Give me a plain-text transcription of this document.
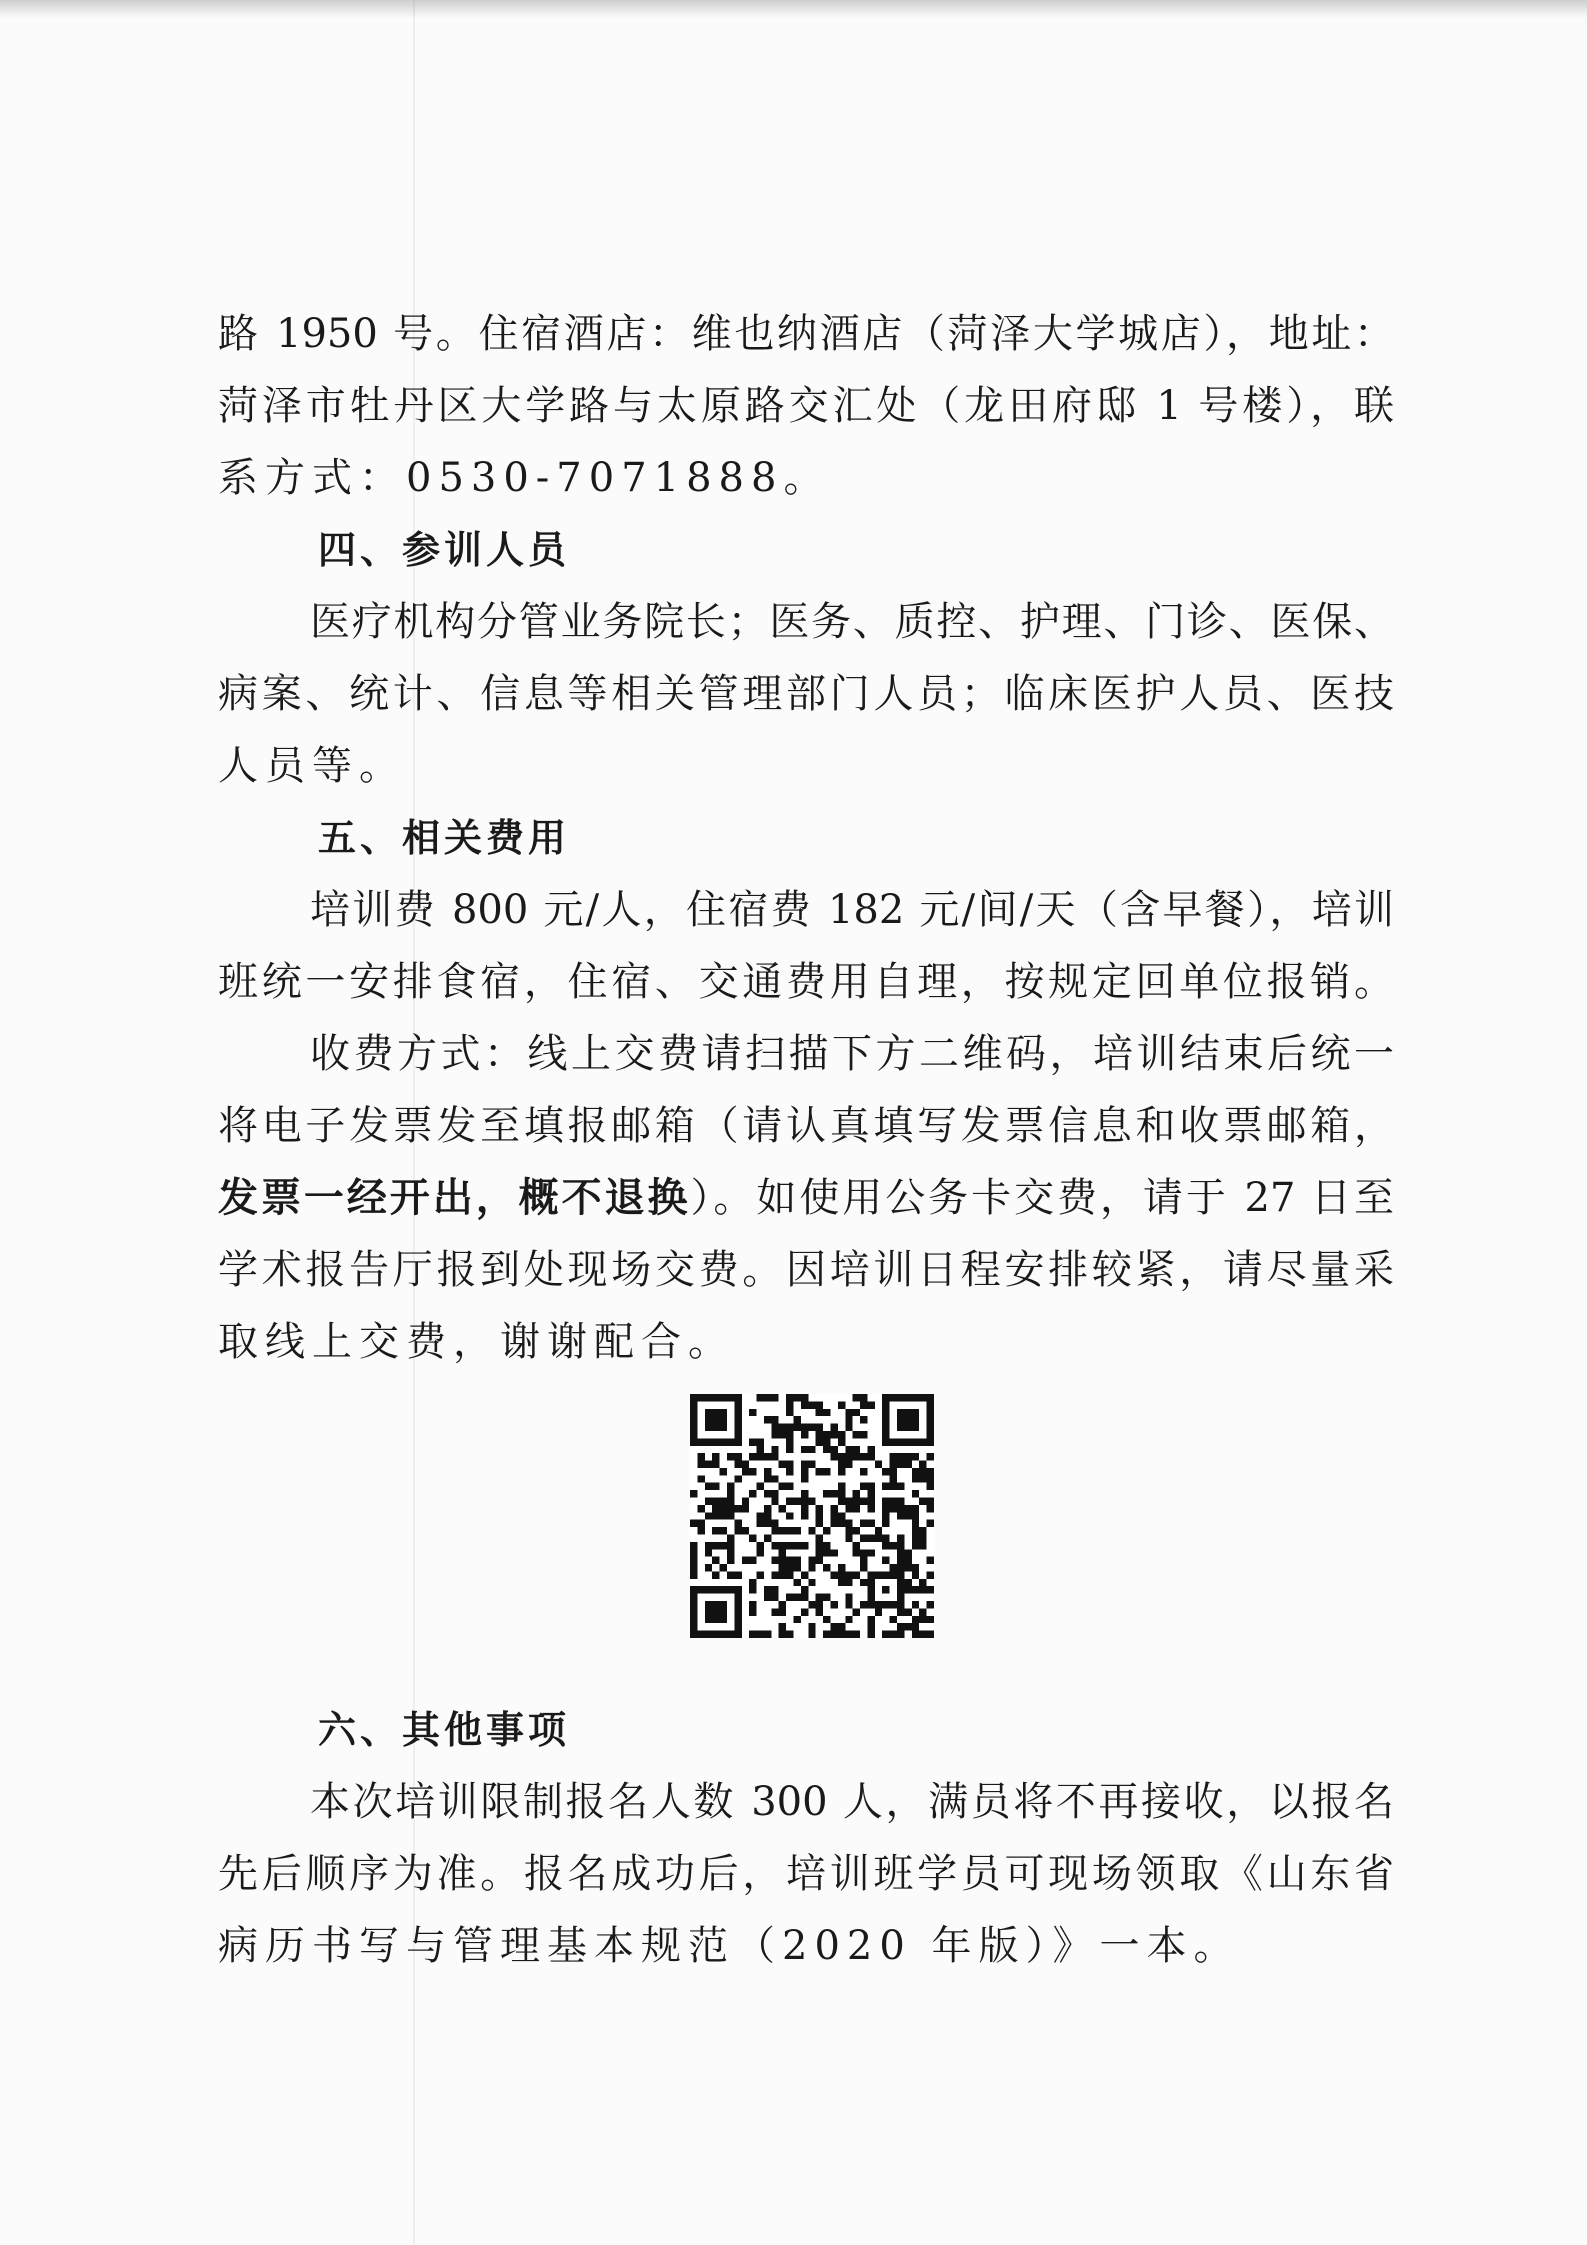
路 1950 号。住宿酒店：维也纳酒店（菏泽大学城店），地址：
菏泽市牡丹区大学路与太原路交汇处（龙田府邸 1 号楼），联
系方式：0530-7071888。
四、参训人员
医疗机构分管业务院长；医务、质控、护理、门诊、医保、
病案、统计、信息等相关管理部门人员；临床医护人员、医技
人员等。
五、相关费用
培训费 800 元/人，住宿费 182 元/间/天（含早餐），培训
班统一安排食宿，住宿、交通费用自理，按规定回单位报销。
收费方式：线上交费请扫描下方二维码，培训结束后统一
将电子发票发至填报邮箱（请认真填写发票信息和收票邮箱，
发票一经开出，概不退换）。如使用公务卡交费，请于 27 日至
学术报告厅报到处现场交费。因培训日程安排较紧，请尽量采
取线上交费，谢谢配合。
六、其他事项
本次培训限制报名人数 300 人，满员将不再接收，以报名
先后顺序为准。报名成功后，培训班学员可现场领取《山东省
病历书写与管理基本规范（2020 年版）》一本。
